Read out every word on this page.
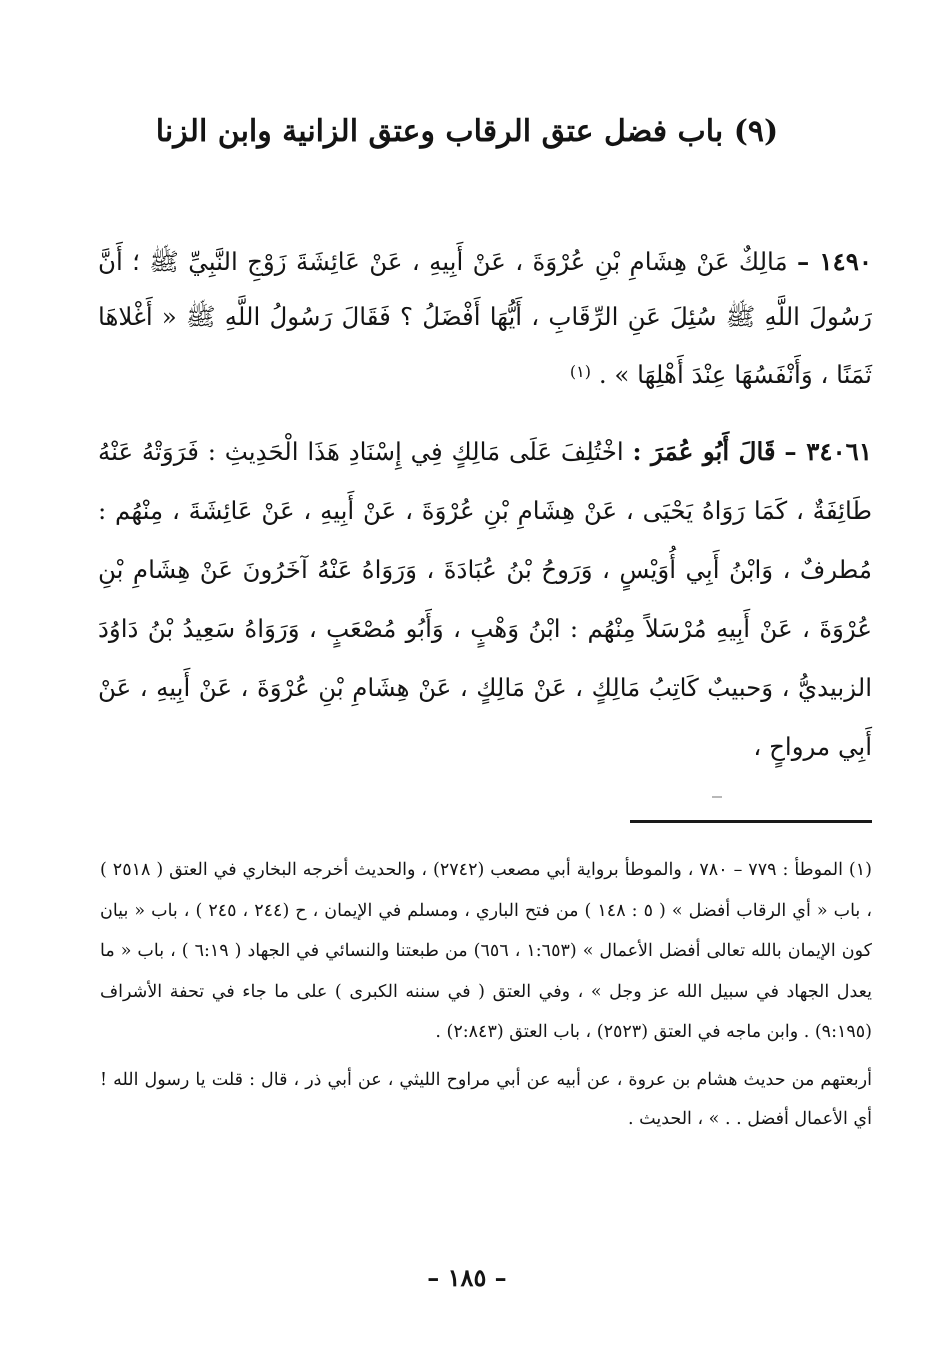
(٩) باب فضل عتق الرقاب وعتق الزانية وابن الزنا

١٤٩٠ – مَالِكٌ عَنْ هِشَامِ بْنِ عُرْوَةَ ، عَنْ أَبِيهِ ، عَنْ عَائِشَةَ زَوْجِ النَّبِيِّ ﷺ ؛ أَنَّ رَسُولَ اللَّهِ ﷺ سُئِلَ عَنِ الرِّقَابِ ، أَيُّهَا أَفْضَلُ ؟ فَقَالَ رَسُولُ اللَّهِ ﷺ « أَغْلاهَا ثَمَنًا ، وَأَنْفَسُهَا عِنْدَ أَهْلِهَا » . $^{(١)}$

٣٤٠٦١ – قَالَ أَبُو عُمَرَ : اخْتُلِفَ عَلَى مَالِكٍ فِي إِسْنَادِ هَذَا الْحَدِيثِ : فَرَوَتْهُ عَنْهُ طَائِفَةٌ ، كَمَا رَوَاهُ يَحْيَى ، عَنْ هِشَامِ بْنِ عُرْوَةَ ، عَنْ أَبِيهِ ، عَنْ عَائِشَةَ ، مِنْهُم : مُطرفٌ ، وَابْنُ أَبِي أُوَيْسٍ ، وَرَوحُ بْنُ عُبَادَةَ ، وَرَوَاهُ عَنْهُ آخَرُونَ عَنْ هِشَامِ بْنِ عُرْوَةَ ، عَنْ أَبِيهِ مُرْسَلاً مِنْهُم : ابْنُ وَهْبٍ ، وَأَبُو مُصْعَبٍ ، وَرَوَاهُ سَعِيدُ بْنُ دَاوُدَ الزبيديُّ ، وَحبيبٌ كَاتِبُ مَالِكٍ ، عَنْ مَالِكٍ ، عَنْ هِشَامِ بْنِ عُرْوَةَ ، عَنْ أَبِيهِ ، عَنْ أَبِي مرواحٍ ،

(١) الموطأ : ٧٧٩ – ٧٨٠ ، والموطأ برواية أبي مصعب (٢٧٤٢) ، والحديث أخرجه البخاري في العتق ( ٢٥١٨ ) ، باب « أي الرقاب أفضل » ( ٥ : ١٤٨ ) من فتح الباري ، ومسلم في الإيمان ، ح (٢٤٤ ، ٢٤٥ ) ، باب « بيان كون الإيمان بالله تعالى أفضل الأعمال » (١:٦٥٣ ، ٦٥٦) من طبعتنا والنسائي في الجهاد ( ٦:١٩ ) ، باب « ما يعدل الجهاد في سبيل الله عز وجل » ، وفي العتق ( في سننه الكبرى ) على ما جاء في تحفة الأشراف (٩:١٩٥) . وابن ماجه في العتق (٢٥٢٣) ، باب العتق (٢:٨٤٣) .

أربعتهم من حديث هشام بن عروة ، عن أبيه عن أبي مراوح الليثي ، عن أبي ذر ، قال : قلت يا رسول الله ! أي الأعمال أفضل . . » ، الحديث .

– ١٨٥ –
